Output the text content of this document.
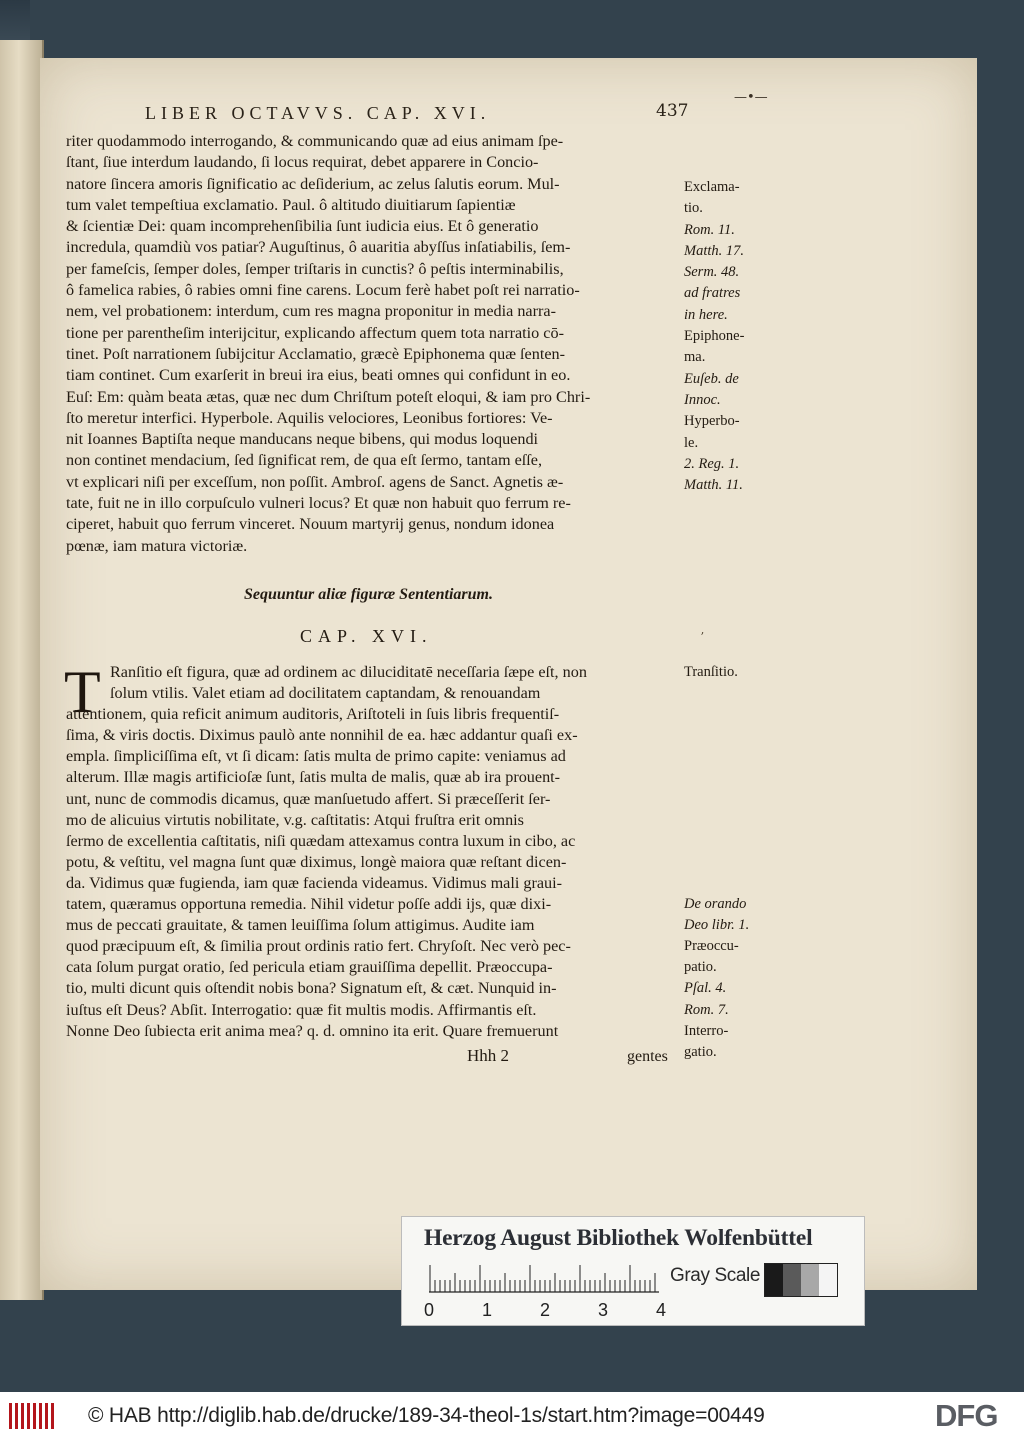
LIBER OCTAVVS. CAP. XVI.	437
—•—
riter quodammodo interrogando, & communicando quæ ad eius animam ſpe-
ſtant, ſiue interdum laudando, ſi locus requirat, debet apparere in Concio-
natore ſincera amoris ſignificatio ac deſiderium, ac zelus ſalutis eorum. Mul-
tum valet tempeſtiua exclamatio. Paul. ô altitudo diuitiarum ſapientiæ
& ſcientiæ Dei: quam incomprehenſibilia ſunt iudicia eius. Et ô generatio
incredula, quamdiù vos patiar? Auguſtinus, ô auaritia abyſſus inſatiabilis, ſem-
per fameſcis, ſemper doles, ſemper triſtaris in cunctis? ô peſtis interminabilis,
ô famelica rabies, ô rabies omni fine carens. Locum ferè habet poſt rei narratio-
nem, vel probationem: interdum, cum res magna proponitur in media narra-
tione per parentheſim interijcitur, explicando affectum quem tota narratio cō-
tinet. Poſt narrationem ſubijcitur Acclamatio, græcè Epiphonema quæ ſenten-
tiam continet. Cum exarſerit in breui ira eius, beati omnes qui confidunt in eo.
Euſ: Em: quàm beata ætas, quæ nec dum Chriſtum poteſt eloqui, & iam pro Chri-
ſto meretur interfici. Hyperbole. Aquilis velociores, Leonibus fortiores: Ve-
nit Ioannes Baptiſta neque manducans neque bibens, qui modus loquendi
non continet mendacium, ſed ſignificat rem, de qua eſt ſermo, tantam eſſe,
vt explicari niſi per exceſſum, non poſſit. Ambroſ. agens de Sanct. Agnetis æ-
tate, fuit ne in illo corpuſculo vulneri locus? Et quæ non habuit quo ferrum re-
ciperet, habuit quo ferrum vinceret. Nouum martyrij genus, nondum idonea
pœnæ, iam matura victoriæ.
Exclama-
tio.
Rom. 11.
Matth. 17.
Serm. 48.
ad fratres
in here.
Epiphone-
ma.
Euſeb. de
Innoc.
Hyperbo-
le.
2. Reg. 1.
Matth. 11.
Sequuntur aliæ figuræ Sententiarum.
CAP. XVI.	ʼ
T Ranſitio eſt figura, quæ ad ordinem ac diluciditatē neceſſaria ſæpe eſt, non
ſolum vtilis. Valet etiam ad docilitatem captandam, & renouandam
attentionem, quia reficit animum auditoris, Ariſtoteli in ſuis libris frequentiſ-
ſima, & viris doctis. Diximus paulò ante nonnihil de ea. hæc addantur quaſi ex-
empla. ſimpliciſſima eſt, vt ſi dicam: ſatis multa de primo capite: veniamus ad
alterum. Illæ magis artificioſæ ſunt, ſatis multa de malis, quæ ab ira prouent-
unt, nunc de commodis dicamus, quæ manſuetudo affert. Si præceſſerit ſer-
mo de alicuius virtutis nobilitate, v.g. caſtitatis: Atqui fruſtra erit omnis
ſermo de excellentia caſtitatis, niſi quædam attexamus contra luxum in cibo, ac
potu, & veſtitu, vel magna ſunt quæ diximus, longè maiora quæ reſtant dicen-
da. Vidimus quæ fugienda, iam quæ facienda videamus. Vidimus mali graui-
tatem, quæramus opportuna remedia. Nihil videtur poſſe addi ijs, quæ dixi-
mus de peccati grauitate, & tamen leuiſſima ſolum attigimus. Audite iam
quod præcipuum eſt, & ſimilia prout ordinis ratio fert. Chryſoſt. Nec verò pec-
cata ſolum purgat oratio, ſed pericula etiam grauiſſima depellit. Præoccupa-
tio, multi dicunt quis oſtendit nobis bona? Signatum eſt, & cæt. Nunquid in-
iuſtus eſt Deus? Abſit. Interrogatio: quæ fit multis modis. Affirmantis eſt.
Nonne Deo ſubiecta erit anima mea? q. d. omnino ita erit. Quare fremuerunt
Tranſitio.
De orando
Deo libr. 1.
Præoccu-
patio.
Pſal. 4.
Rom. 7.
Interro-
gatio.
Hhh 2	gentes
Herzog August Bibliothek Wolfenbüttel
Gray Scale
0	1	2	3	4
© HAB http://diglib.hab.de/drucke/189-34-theol-1s/start.htm?image=00449	DFG
